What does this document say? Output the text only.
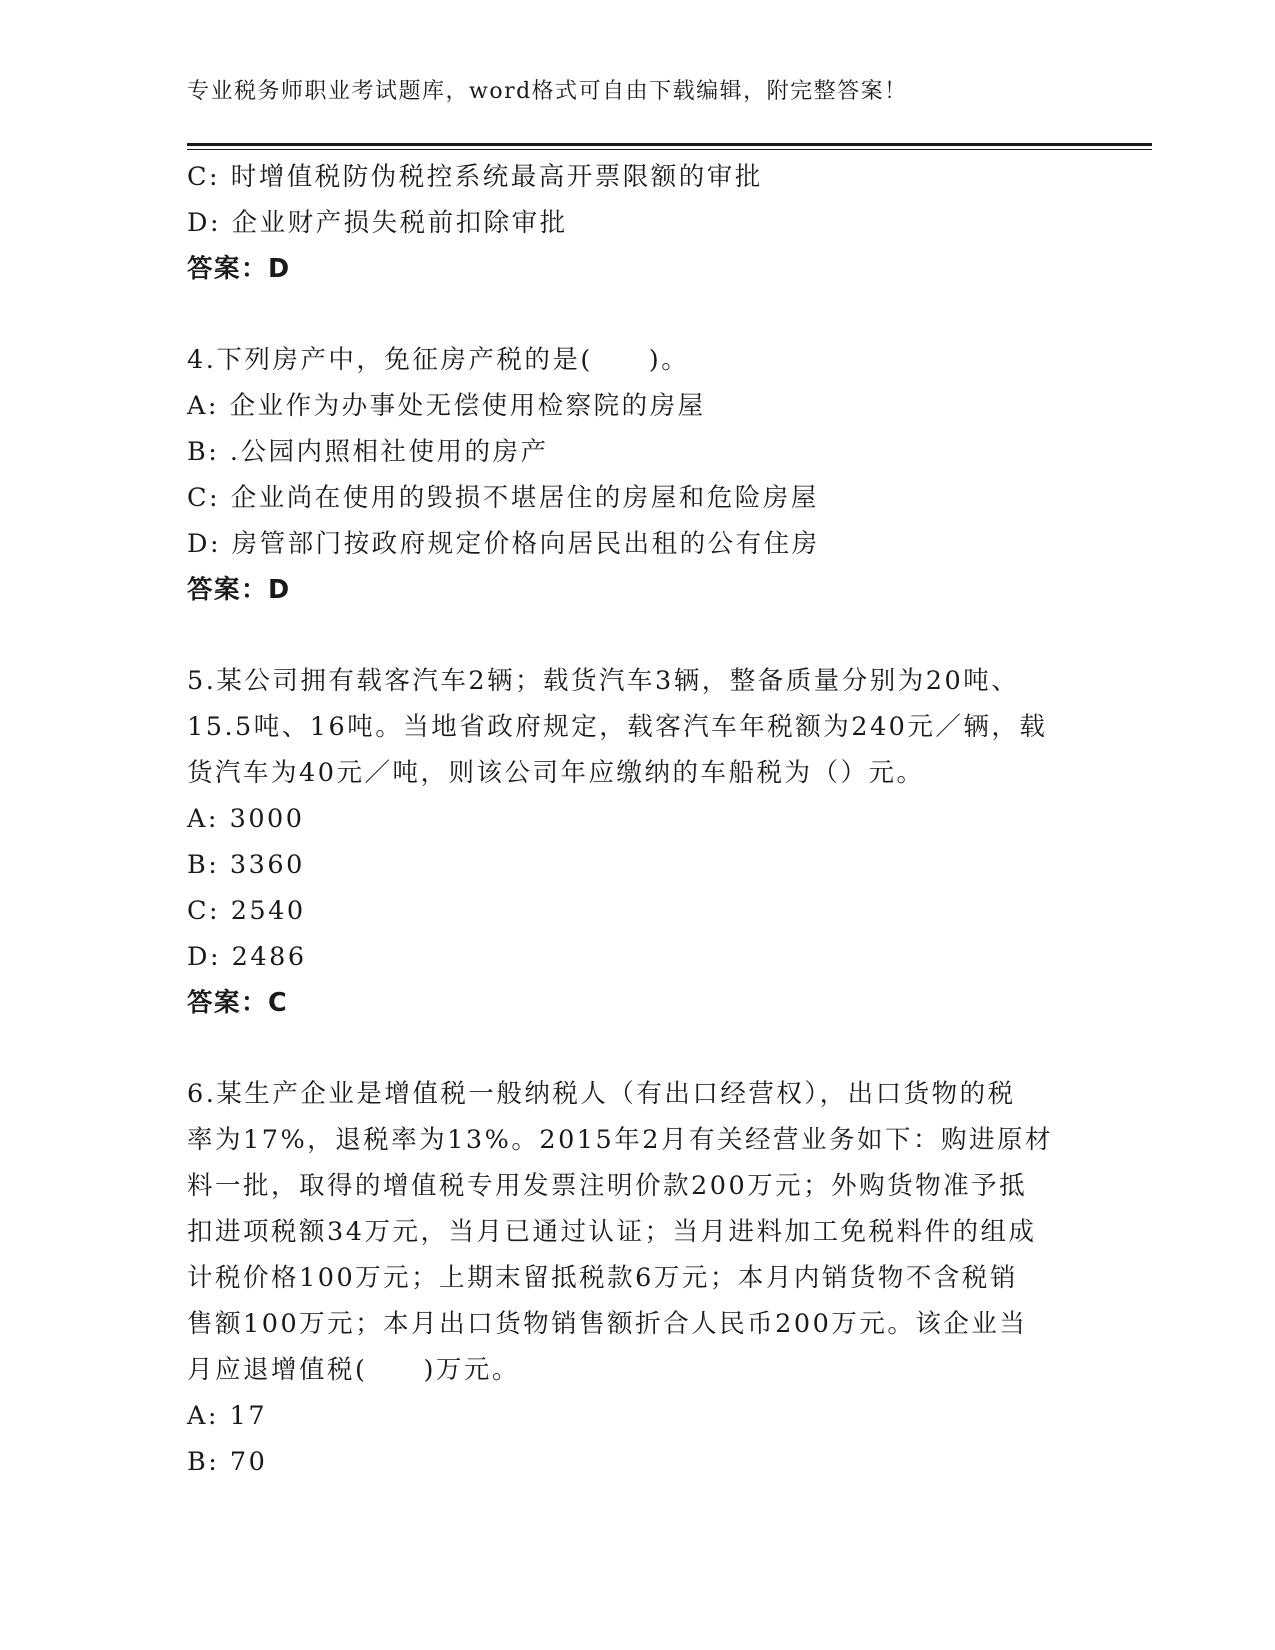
专业税务师职业考试题库，word格式可自由下载编辑，附完整答案！
C: 时增值税防伪税控系统最高开票限额的审批
D: 企业财产损失税前扣除审批
答案：D
4.下列房产中，免征房产税的是(　　)。
A: 企业作为办事处无偿使用检察院的房屋
B: .公园内照相社使用的房产
C: 企业尚在使用的毁损不堪居住的房屋和危险房屋
D: 房管部门按政府规定价格向居民出租的公有住房
答案：D
5.某公司拥有载客汽车2辆；载货汽车3辆，整备质量分别为20吨、
15.5吨、16吨。当地省政府规定，载客汽车年税额为240元／辆，载
货汽车为40元／吨，则该公司年应缴纳的车船税为（）元。
A: 3000
B: 3360
C: 2540
D: 2486
答案：C
6.某生产企业是增值税一般纳税人（有出口经营权），出口货物的税
率为17%，退税率为13%。2015年2月有关经营业务如下：购进原材
料一批，取得的增值税专用发票注明价款200万元；外购货物准予抵
扣进项税额34万元，当月已通过认证；当月进料加工免税料件的组成
计税价格100万元；上期末留抵税款6万元；本月内销货物不含税销
售额100万元；本月出口货物销售额折合人民币200万元。该企业当
月应退增值税(　　)万元。
A: 17
B: 70
